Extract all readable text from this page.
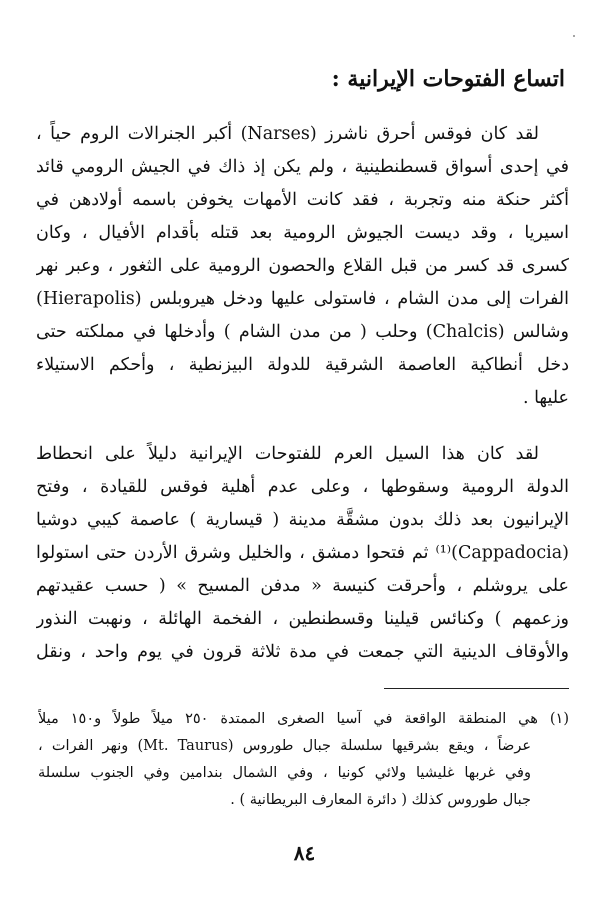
اتساع الفتوحات الإيرانية :
لقد كان فوقس أحرق ناشرز (Narses) أكبر الجنرالات الروم حياً ،
في إحدى أسواق قسطنطينية ، ولم يكن إذ ذاك في الجيش الرومي قائد
أكثر حنكة منه وتجربة ، فقد كانت الأمهات يخوفن باسمه أولادهن في
اسيريا ، وقد ديست الجيوش الرومية بعد قتله بأقدام الأفيال ، وكان
كسرى قد كسر من قبل القلاع والحصون الرومية على الثغور ، وعبر نهر
الفرات إلى مدن الشام ، فاستولى عليها ودخل هيروبلس (Hierapolis)
وشالس (Chalcis) وحلب ( من مدن الشام ) وأدخلها في مملكته حتى
دخل أنطاكية العاصمة الشرقية للدولة البيزنطية ، وأحكم الاستيلاء
عليها .
لقد كان هذا السيل العرم للفتوحات الإيرانية دليلاً على انحطاط
الدولة الرومية وسقوطها ، وعلى عدم أهلية فوقس للقيادة ، وفتح
الإيرانيون بعد ذلك بدون مشقَّة مدينة ( قيسارية ) عاصمة كيبي دوشيا
(Cappadocia)⁽¹⁾ ثم فتحوا دمشق ، والخليل وشرق الأردن حتى استولوا
على يروشلم ، وأحرقت كنيسة « مدفن المسيح » ( حسب عقيدتهم
وزعمهم ) وكنائس قيلينا وقسطنطين ، الفخمة الهائلة ، ونهبت النذور
والأوقاف الدينية التي جمعت في مدة ثلاثة قرون في يوم واحد ، ونقل
(١) هي المنطقة الواقعة في آسيا الصغرى الممتدة ٢٥٠ ميلاً طولاً و١٥٠ ميلاً
عرضاً ، ويقع بشرقيها سلسلة جبال طوروس (Mt. Taurus) ونهر الفرات ،
وفي غربها غليشيا ولائي كونيا ، وفي الشمال بندامين وفي الجنوب سلسلة
جبال طوروس كذلك ( دائرة المعارف البريطانية ) .
٨٤
